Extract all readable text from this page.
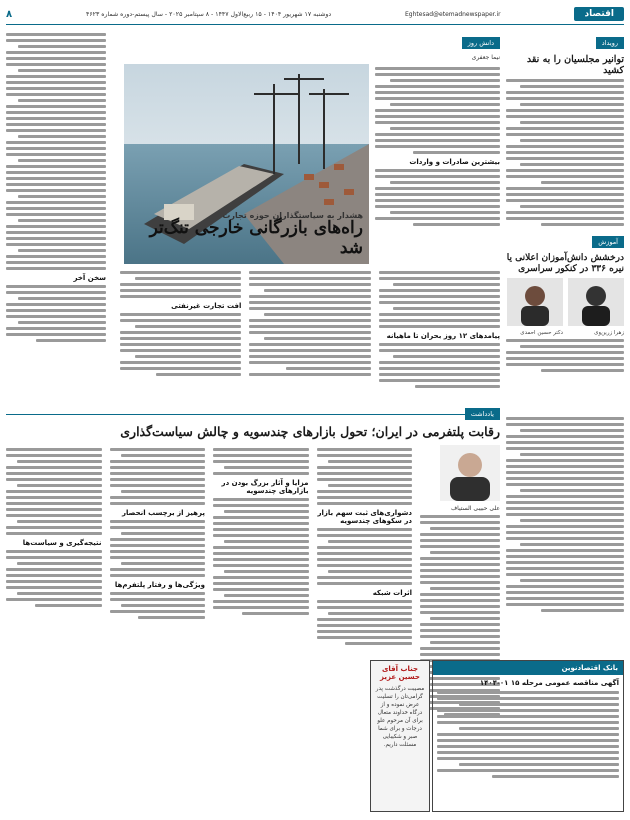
اقتصاد
Eghtesad@etemadnewspaper.ir
دوشنبه ۱۷ شهریور ۱۴۰۴ - ۱۵ ربیع‌الاول ۱۴۴۷ - ۸ سپتامبر ۲۰۲۵ - سال پیستم-دوره شماره ۴۶۲۳
۸
رویداد
توانیر مجلسیان را به نقد کشید
آموزش
درخشش دانش‌آموزان اعلانی یا نیره ۳۳۶ در کنکور سراسری
زهرا زرین‌وی
دکتر حسین احمدی
دانش روز
نیما جعفری
بیشترین صادرات و واردات
هشدار به سیاستگذاران حوزه تجارت
راه‌های بازرگانی خارجی تنگ‌تر شد
پیامدهای ۱۲ روز بحران تا ماهیانه
افت تجارت غیرنفتی
سخن آخر
یادداشت
رقابت پلتفرمی در ایران؛ تحول بازارهای چندسویه و چالش سیاست‌گذاری
علی حبیبی الستیاف
دشواری‌های ثبت سهم بازار در سکوهای چندسویه
اثرات شبکه
مزایا و آثار بزرگ بودن در بازارهای چندسویه
پرهیز از برچسب انحصار
ویژگی‌ها و رفتار پلتفرم‌ها
نتیجه‌گیری و سیاست‌ها
بانک اقتصادنوین
آگهی مناقصه عمومی مرحله ۱۵ ۰۱-۱۴۰۴
جناب آقای حسین عزیز
مصیبت درگذشت پدر گرامی‌تان را تسلیت عرض نموده و از درگاه خداوند متعال برای آن مرحوم علو درجات و برای شما صبر و شکیبایی مسئلت داریم.
